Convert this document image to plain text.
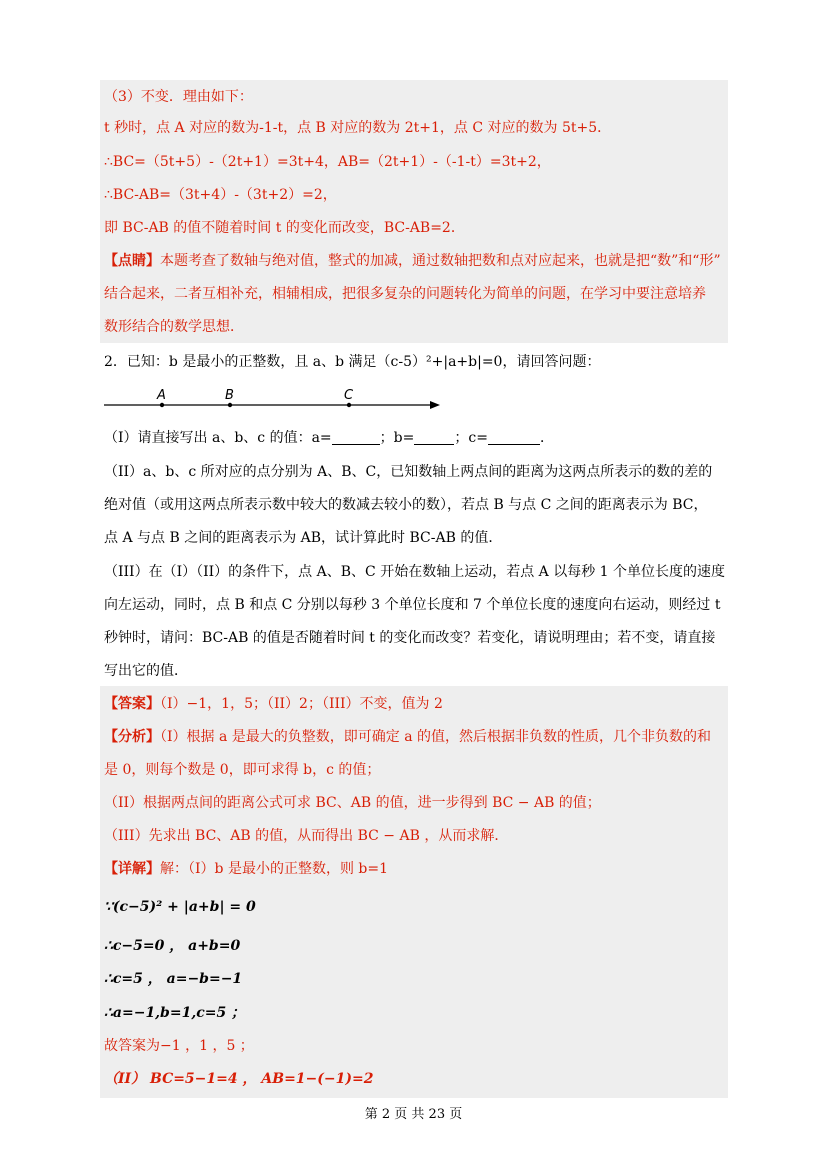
（3）不变．理由如下：
t 秒时，点 A 对应的数为-1-t，点 B 对应的数为 2t+1，点 C 对应的数为 5t+5．
∴BC=（5t+5）-（2t+1）=3t+4，AB=（2t+1）-（-1-t）=3t+2，
∴BC-AB=（3t+4）-（3t+2）=2，
即 BC-AB 的值不随着时间 t 的变化而改变，BC-AB=2．
【点睛】本题考查了数轴与绝对值，整式的加减，通过数轴把数和点对应起来，也就是把“数”和“形”
结合起来，二者互相补充，相辅相成，把很多复杂的问题转化为简单的问题，在学习中要注意培养
数形结合的数学思想．
2．已知：b 是最小的正整数，且 a、b 满足（c-5）²+|a+b|=0，请回答问题：
A	B	C
（I）请直接写出 a、b、c 的值：a=	；b=	；c=	．
（II）a、b、c 所对应的点分别为 A、B、C，已知数轴上两点间的距离为这两点所表示的数的差的
绝对值（或用这两点所表示数中较大的数减去较小的数），若点 B 与点 C 之间的距离表示为 BC，
点 A 与点 B 之间的距离表示为 AB，试计算此时 BC-AB 的值．
（III）在（I）（II）的条件下，点 A、B、C 开始在数轴上运动，若点 A 以每秒 1 个单位长度的速度
向左运动，同时，点 B 和点 C 分别以每秒 3 个单位长度和 7 个单位长度的速度向右运动，则经过 t
秒钟时，请问：BC-AB 的值是否随着时间 t 的变化而改变？若变化，请说明理由；若不变，请直接
写出它的值．
【答案】（I）−1，1，5；（II）2；（III）不变，值为 2
【分析】（I）根据 a 是最大的负整数，即可确定 a 的值，然后根据非负数的性质，几个非负数的和
是 0，则每个数是 0，即可求得 b，c 的值；
（II）根据两点间的距离公式可求 BC、AB 的值，进一步得到 BC − AB 的值；
（III）先求出 BC、AB 的值，从而得出 BC − AB ，从而求解．
【详解】解：（I）b 是最小的正整数，则 b=1
∵(c−5)² + |a+b| = 0
∴c−5=0 ， a+b=0
∴c=5 ， a=−b=−1
∴a=−1,b=1,c=5 ；
故答案为−1 ，1 ，5 ；
（II） BC=5−1=4 ， AB=1−(−1)=2
第 2 页 共 23 页
